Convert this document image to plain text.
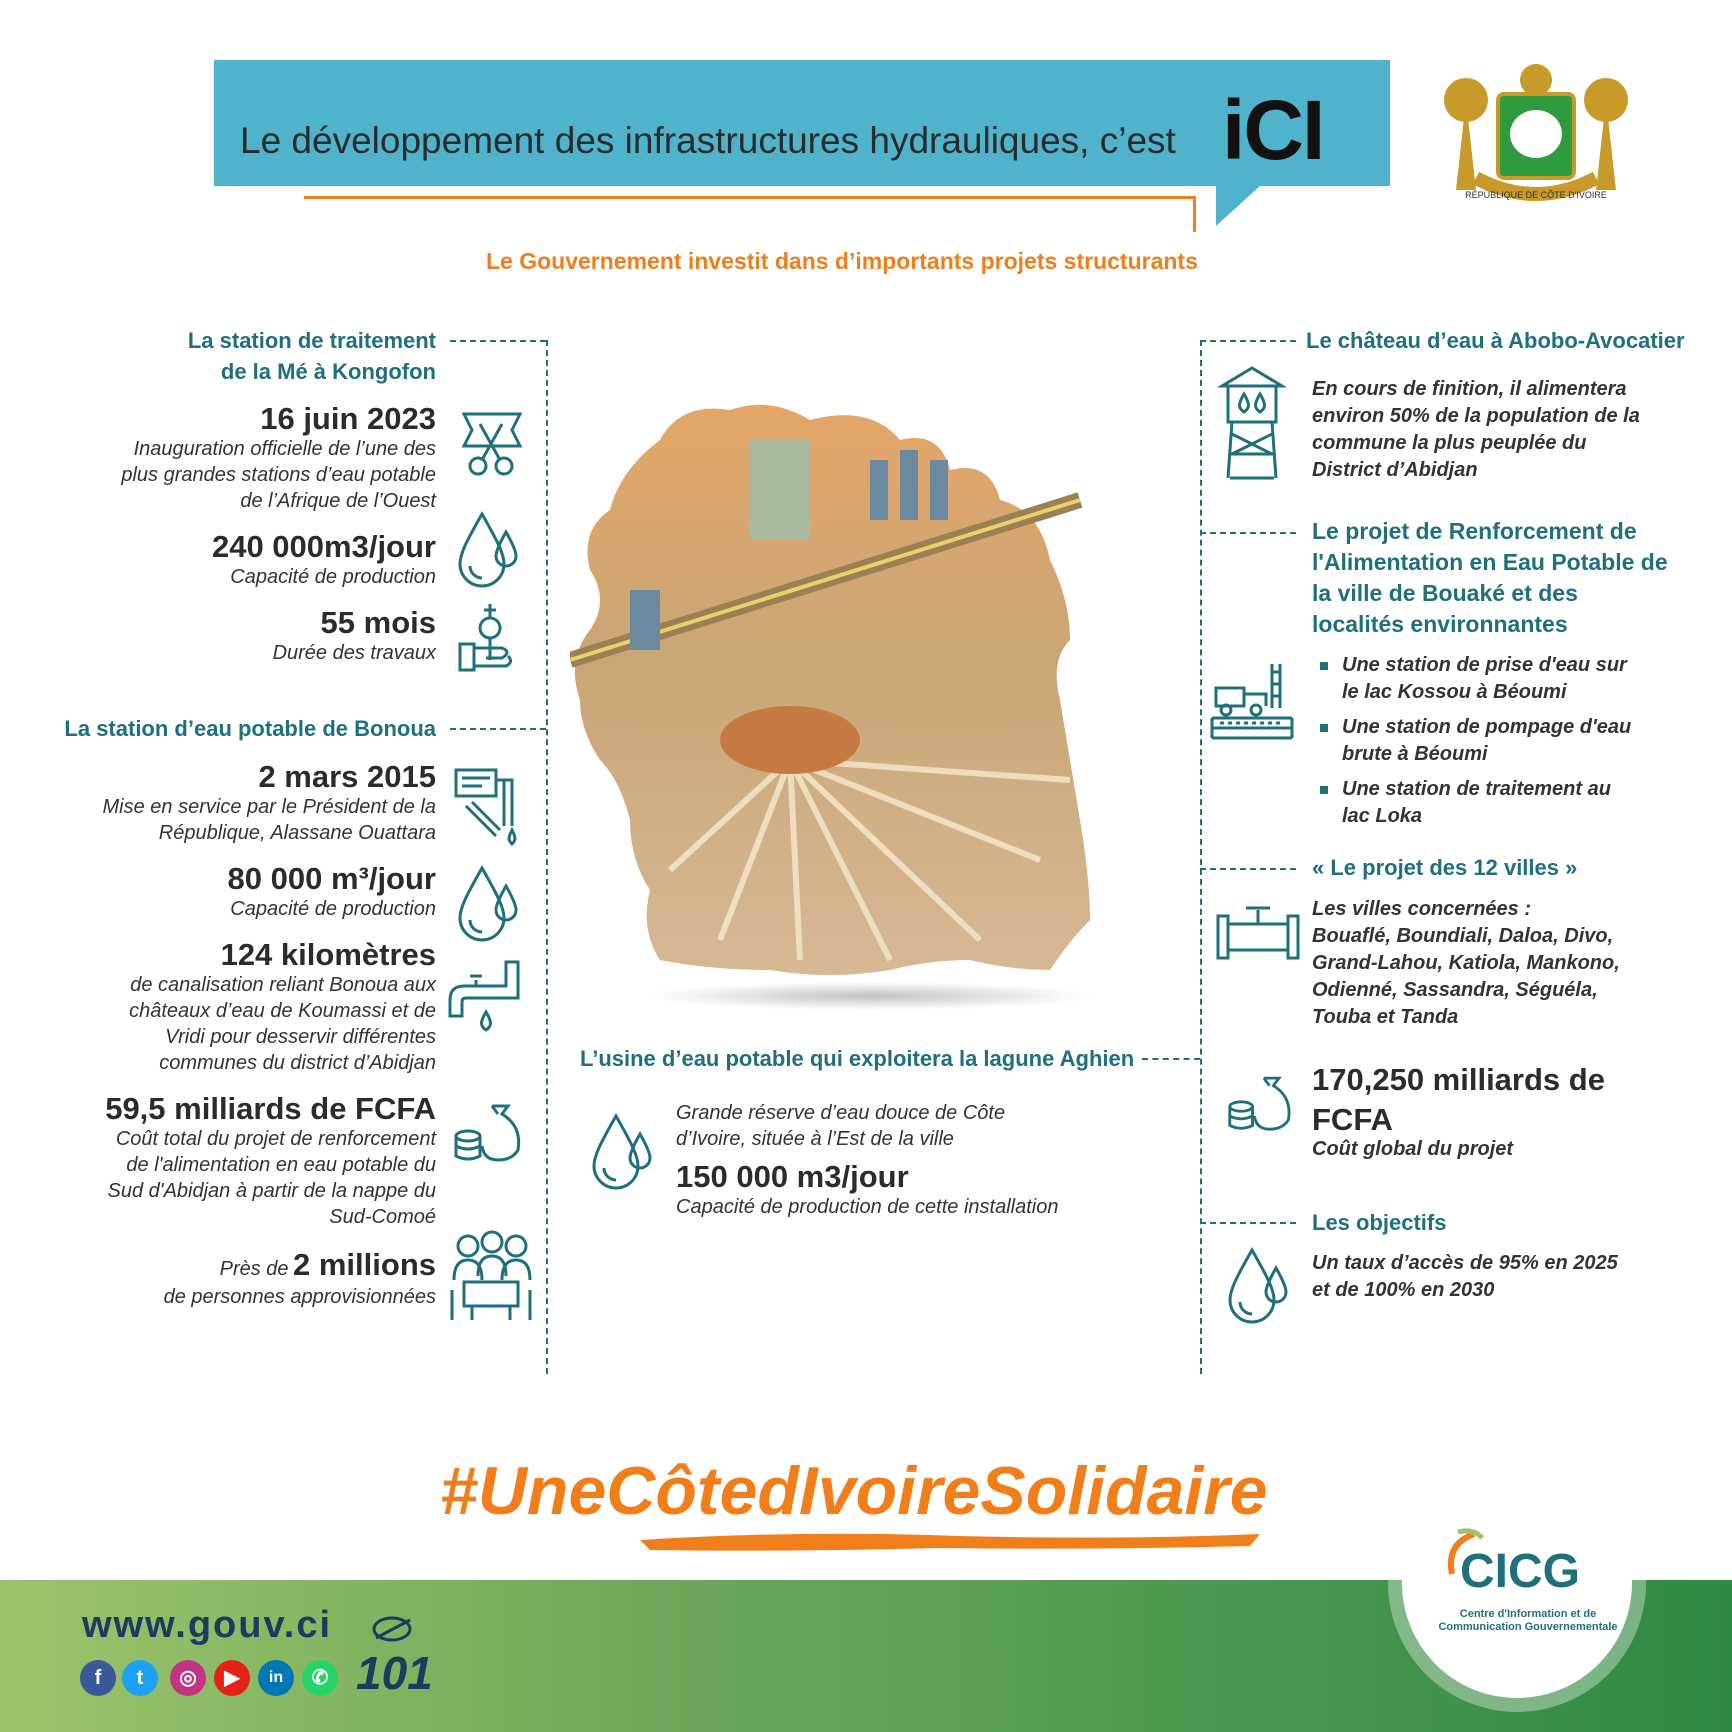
Le développement des infrastructures hydrauliques, c’est iCI
Le Gouvernement investit dans d’importants projets structurants
RÉPUBLIQUE DE CÔTE D'IVOIRE
La station de traitement
de la Mé à Kongofon
16 juin 2023
Inauguration officielle de l’une des
plus grandes stations d’eau potable
de l’Afrique de l’Ouest
240 000m3/jour
Capacité de production
55 mois
Durée des travaux
La station d’eau potable de Bonoua
2 mars 2015
Mise en service par le Président de la
République, Alassane Ouattara
80 000 m³/jour
Capacité de production
124 kilomètres
de canalisation reliant Bonoua aux
châteaux d’eau de Koumassi et de
Vridi pour desservir différentes
communes du district d’Abidjan
59,5 milliards de FCFA
Coût total du projet de renforcement
de l'alimentation en eau potable du
Sud d'Abidjan à partir de la nappe du
Sud-Comoé
Près de 2 millions
de personnes approvisionnées
L’usine d’eau potable qui exploitera la lagune Aghien
Grande réserve d’eau douce de Côte
d’Ivoire, située à l’Est de la ville
150 000 m3/jour
Capacité de production de cette installation
Le château d’eau à Abobo-Avocatier
En cours de finition, il alimentera
environ 50% de la population de la
commune la plus peuplée du
District d’Abidjan
Le projet de Renforcement de
l'Alimentation en Eau Potable de
la ville de Bouaké et des
localités environnantes
Une station de prise d'eau sur
le lac Kossou à Béoumi
Une station de pompage d'eau
brute à Béoumi
Une station de traitement au
lac Loka
« Le projet des 12 villes »
Les villes concernées :
Bouaflé, Boundiali, Daloa, Divo,
Grand-Lahou, Katiola, Mankono,
Odienné, Sassandra, Séguéla,
Touba et Tanda
170,250 milliards de
FCFA
Coût global du projet
Les objectifs
Un taux d’accès de 95% en 2025
et de 100% en 2030
#UneCôtedIvoireSolidaire
www.gouv.ci
f	t	◎	▶	in	✆ 101
CICG
Centre d'Information et de Communication Gouvernementale
